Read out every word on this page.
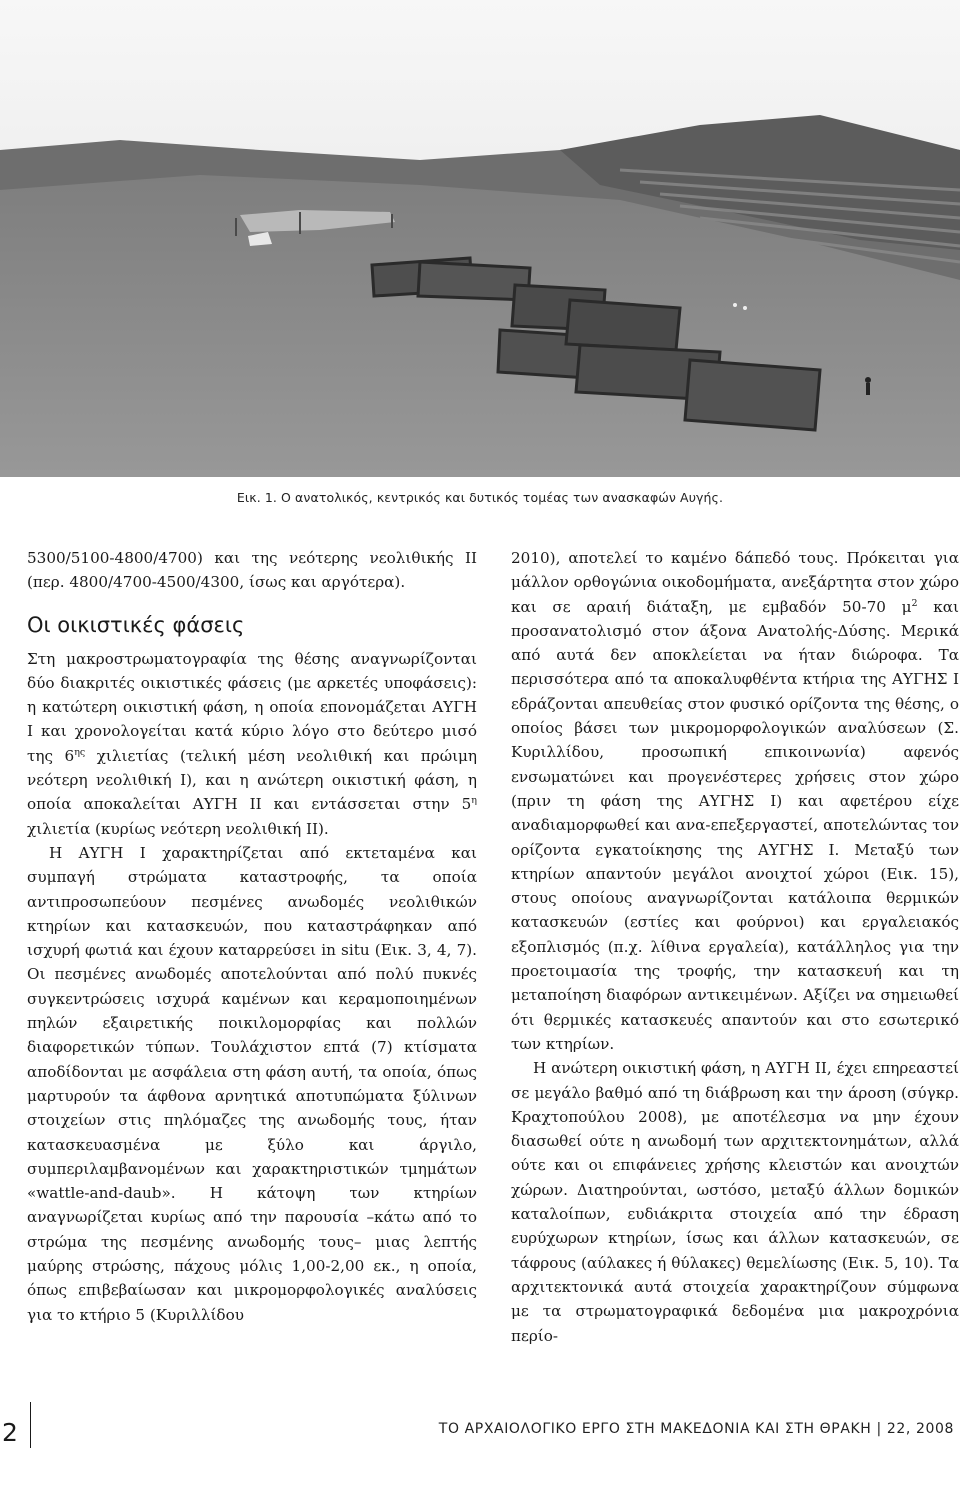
Εικ. 1. Ο ανατολικός, κεντρικός και δυτικός τομέας των ανασκαφών Αυγής.

5300/5100-4800/4700) και της νεότερης νεολιθικής ΙΙ (περ. 4800/4700-4500/4300, ίσως και αργότερα).

Οι οικιστικές φάσεις

Στη μακροστρωματογραφία της θέσης αναγνωρίζονται δύο διακριτές οικιστικές φάσεις (με αρκετές υποφάσεις): η κατώτερη οικιστική φάση, η οποία επονομάζεται ΑΥΓΗ Ι και χρονολογείται κατά κύριο λόγο στο δεύτερο μισό της $6^{\eta\varsigma}$ χιλιετίας (τελική μέση νεολιθική και πρώιμη νεότερη νεολιθική Ι), και η ανώτερη οικιστική φάση, η οποία αποκαλείται ΑΥΓΗ ΙΙ και εντάσσεται στην $5^\eta$ χιλιετία (κυρίως νεότερη νεολιθική ΙΙ).

Η ΑΥΓΗ Ι χαρακτηρίζεται από εκτεταμένα και συμπαγή στρώματα καταστροφής, τα οποία αντιπροσωπεύουν πεσμένες ανωδομές νεολιθικών κτηρίων και κατασκευών, που καταστράφηκαν από ισχυρή φωτιά και έχουν καταρρεύσει in situ (Εικ. 3, 4, 7). Οι πεσμένες ανωδομές αποτελούνται από πολύ πυκνές συγκεντρώσεις ισχυρά καμένων και κεραμοποιημένων πηλών εξαιρετικής ποικιλομορφίας και πολλών διαφορετικών τύπων. Τουλάχιστον επτά (7) κτίσματα αποδίδονται με ασφάλεια στη φάση αυτή, τα οποία, όπως μαρτυρούν τα άφθονα αρνητικά αποτυπώματα ξύλινων στοιχείων στις πηλόμαζες της ανωδομής τους, ήταν κατασκευασμένα με ξύλο και άργιλο, συμπεριλαμβανομένων και χαρακτηριστικών τμημάτων «wattle-and-daub». Η κάτοψη των κτηρίων αναγνωρίζεται κυρίως από την παρουσία –κάτω από το στρώμα της πεσμένης ανωδομής τους– μιας λεπτής μαύρης στρώσης, πάχους μόλις 1,00-2,00 εκ., η οποία, όπως επιβεβαίωσαν και μικρομορφολογικές αναλύσεις για το κτήριο 5 (Κυριλλίδου

2010), αποτελεί το καμένο δάπεδό τους. Πρόκειται για μάλλον ορθογώνια οικοδομήματα, ανεξάρτητα στον χώρο και σε αραιή διάταξη, με εμβαδόν 50-70 $\mu^2$ και προσανατολισμό στον άξονα Ανατολής-Δύσης. Μερικά από αυτά δεν αποκλείεται να ήταν διώροφα. Τα περισσότερα από τα αποκαλυφθέντα κτήρια της ΑΥΓΗΣ Ι εδράζονται απευθείας στον φυσικό ορίζοντα της θέσης, ο οποίος βάσει των μικρομορφολογικών αναλύσεων (Σ. Κυριλλίδου, προσωπική επικοινωνία) αφενός ενσωματώνει και προγενέστερες χρήσεις στον χώρο (πριν τη φάση της ΑΥΓΗΣ Ι) και αφετέρου είχε αναδιαμορφωθεί και ανα-επεξεργαστεί, αποτελώντας τον ορίζοντα εγκατοίκησης της ΑΥΓΗΣ Ι. Μεταξύ των κτηρίων απαντούν μεγάλοι ανοιχτοί χώροι (Εικ. 15), στους οποίους αναγνωρίζονται κατάλοιπα θερμικών κατασκευών (εστίες και φούρνοι) και εργαλειακός εξοπλισμός (π.χ. λίθινα εργαλεία), κατάλληλος για την προετοιμασία της τροφής, την κατασκευή και τη μεταποίηση διαφόρων αντικειμένων. Αξίζει να σημειωθεί ότι θερμικές κατασκευές απαντούν και στο εσωτερικό των κτηρίων.

Η ανώτερη οικιστική φάση, η ΑΥΓΗ ΙΙ, έχει επηρεαστεί σε μεγάλο βαθμό από τη διάβρωση και την άροση (σύγκρ. Κραχτοπούλου 2008), με αποτέλεσμα να μην έχουν διασωθεί ούτε η ανωδομή των αρχιτεκτονημάτων, αλλά ούτε και οι επιφάνειες χρήσης κλειστών και ανοιχτών χώρων. Διατηρούνται, ωστόσο, μεταξύ άλλων δομικών καταλοίπων, ευδιάκριτα στοιχεία από την έδραση ευρύχωρων κτηρίων, ίσως και άλλων κατασκευών, σε τάφρους (αύλακες ή θύλακες) θεμελίωσης (Εικ. 5, 10). Τα αρχιτεκτονικά αυτά στοιχεία χαρακτηρίζουν σύμφωνα με τα στρωματογραφικά δεδομένα μια μακροχρόνια περίο-

2	ΤΟ ΑΡΧΑΙΟΛΟΓΙΚΟ ΕΡΓΟ ΣΤΗ ΜΑΚΕΔΟΝΙΑ ΚΑΙ ΣΤΗ ΘΡΑΚΗ | 22, 2008
